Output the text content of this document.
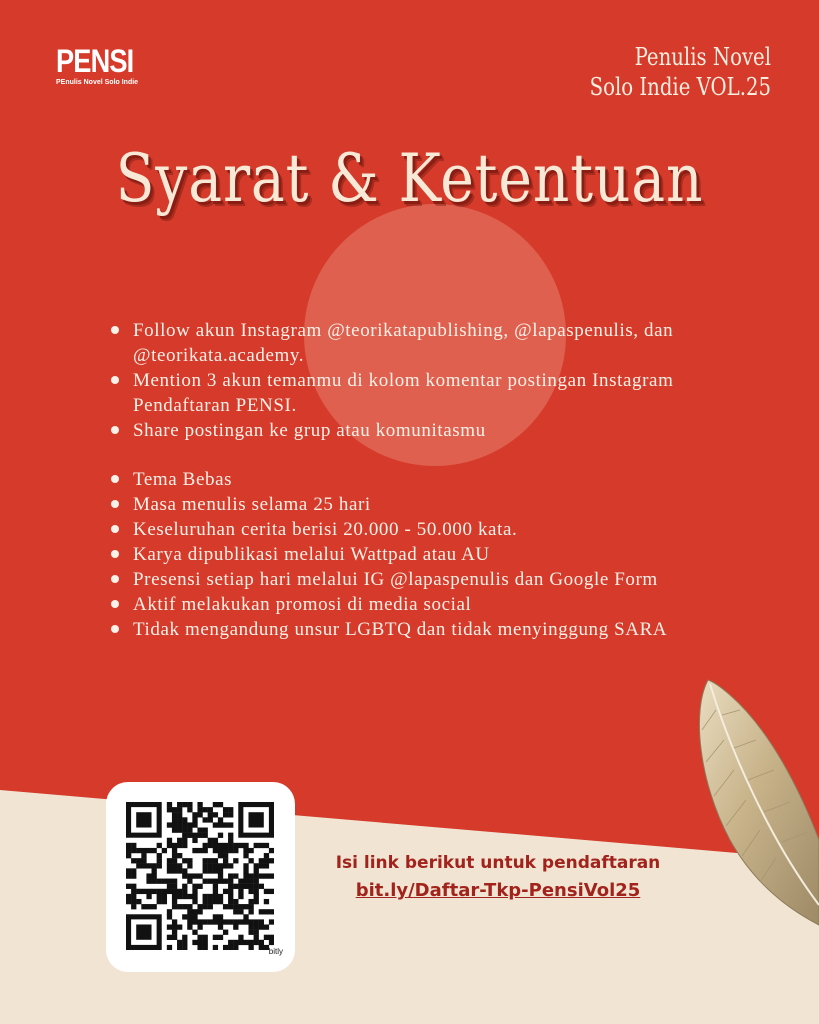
PENSI
PEnulis Novel Solo Indie
Penulis Novel
Solo Indie VOL.25
Syarat & Ketentuan
Follow akun Instagram @teorikatapublishing, @lapaspenulis, dan @teorikata.academy.
Mention 3 akun temanmu di kolom komentar postingan Instagram Pendaftaran PENSI.
Share postingan ke grup atau komunitasmu
Tema Bebas
Masa menulis selama 25 hari
Keseluruhan cerita berisi 20.000 - 50.000 kata.
Karya dipublikasi melalui Wattpad atau AU
Presensi setiap hari melalui IG @lapaspenulis dan Google Form
Aktif melakukan promosi di media social
Tidak mengandung unsur LGBTQ dan tidak menyinggung SARA
bitly
Isi link berikut untuk pendaftaran
bit.ly/Daftar-Tkp-PensiVol25
